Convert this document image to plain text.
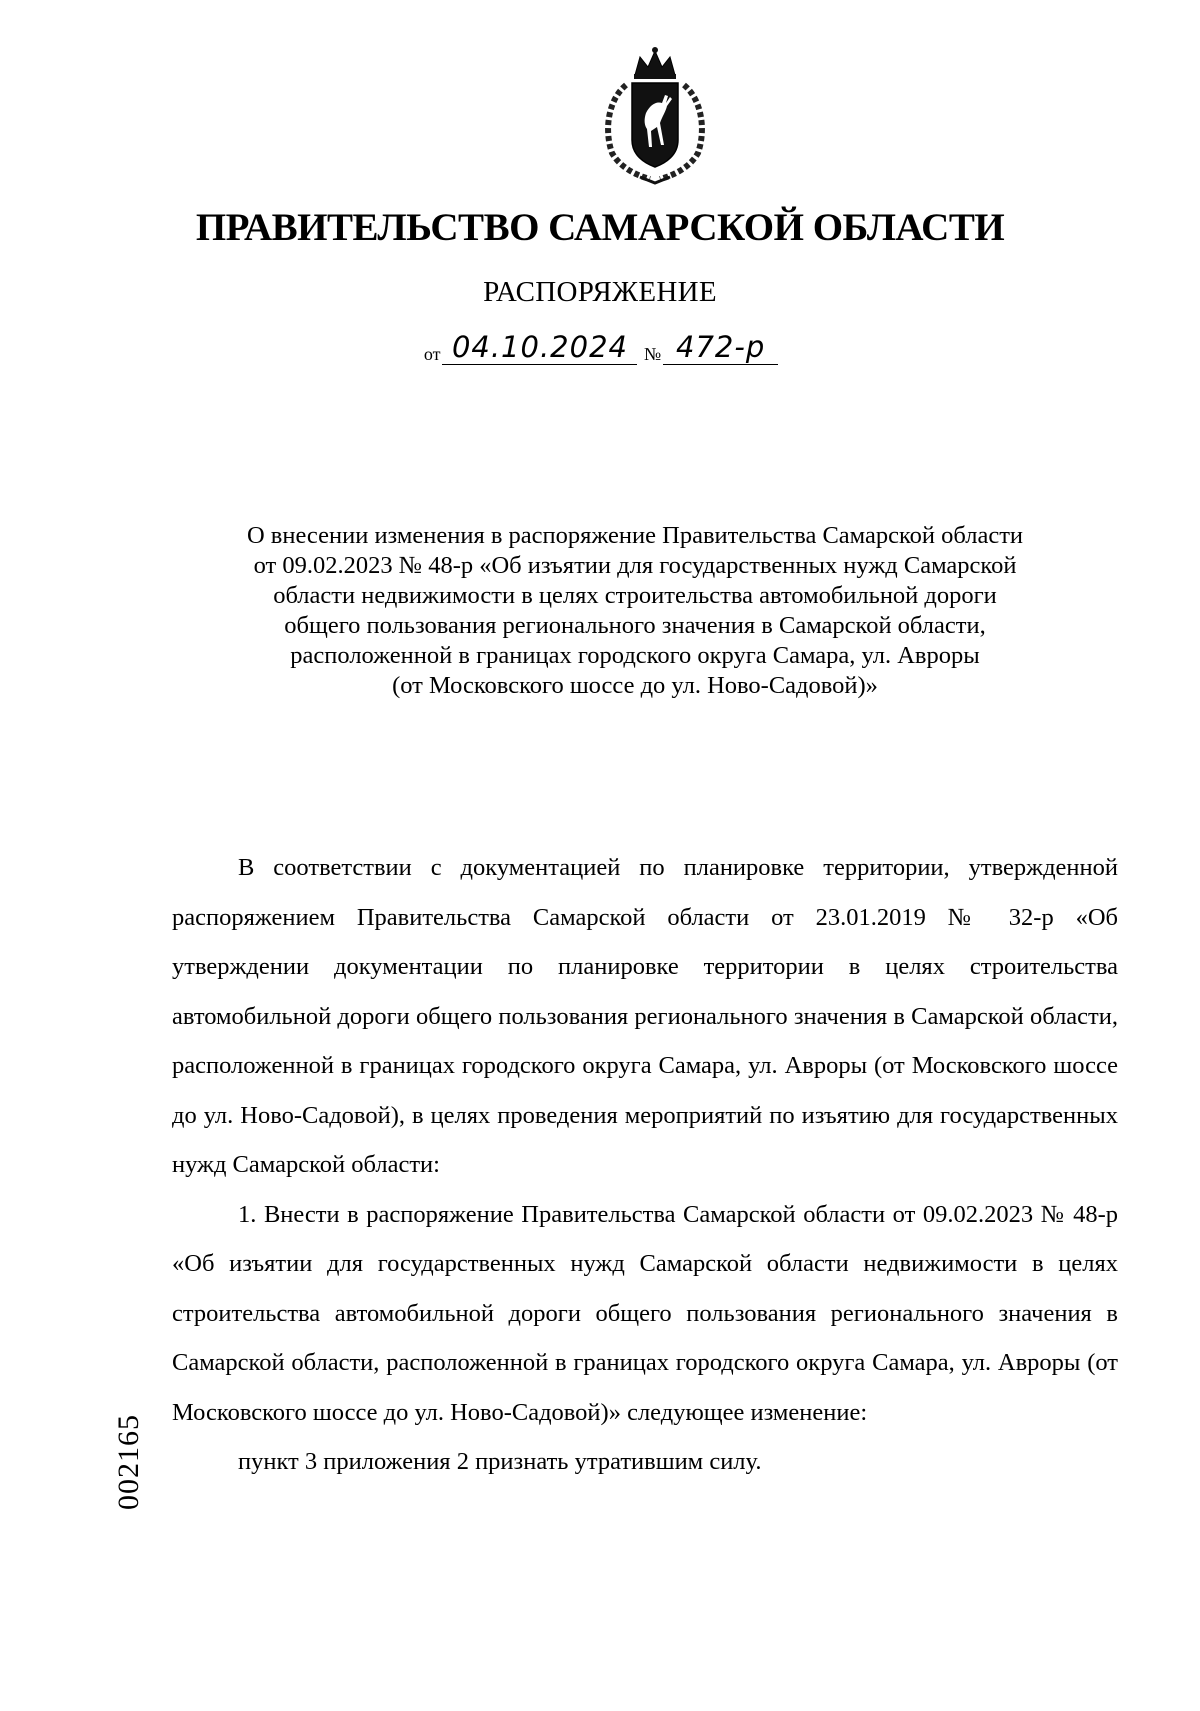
ПРАВИТЕЛЬСТВО САМАРСКОЙ ОБЛАСТИ
РАСПОРЯЖЕНИЕ
от 04.10.2024 № 472-р
О внесении изменения в распоряжение Правительства Самарской области
от 09.02.2023 № 48-р «Об изъятии для государственных нужд Самарской
области недвижимости в целях строительства автомобильной дороги
общего пользования регионального значения в Самарской области,
расположенной в границах городского округа Самара, ул. Авроры
(от Московского шоссе до ул. Ново-Садовой)»

В соответствии с документацией по планировке территории, утвержденной распоряжением Правительства Самарской области от 23.01.2019 № 32-р «Об утверждении документации по планировке территории в целях строительства автомобильной дороги общего пользования регионального значения в Самарской области, расположенной в границах городского округа Самара, ул. Авроры (от Московского шоссе до ул. Ново-Садовой), в целях проведения мероприятий по изъятию для государственных нужд Самарской области:

1. Внести в распоряжение Правительства Самарской области от 09.02.2023 № 48-р «Об изъятии для государственных нужд Самарской области недвижимости в целях строительства автомобильной дороги общего пользования регионального значения в Самарской области, расположенной в границах городского округа Самара, ул. Авроры (от Московского шоссе до ул. Ново-Садовой)» следующее изменение:

пункт 3 приложения 2 признать утратившим силу.

002165
